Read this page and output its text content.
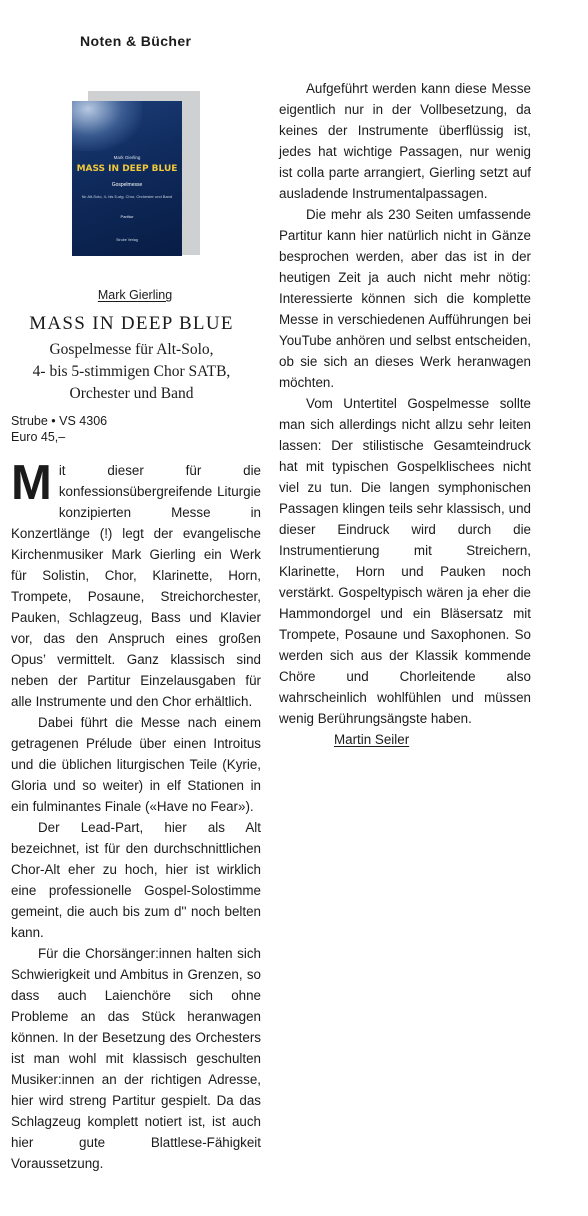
Noten & Bücher
Mark Gierling
MASS IN DEEP BLUE
Gospelmesse
für Alt-Solo, 4- bis 5-stg. Chor, Orchester und Band
Partitur
Strube Verlag
Mark Gierling
MASS IN DEEP BLUE
Gospelmesse für Alt-Solo,
4- bis 5-stimmigen Chor SATB,
Orchester und Band
Strube • VS 4306
Euro 45,–

Mit dieser für die konfessionsübergreifende Liturgie konzipierten Messe in Konzertlänge (!) legt der evangelische Kirchenmusiker Mark Gierling ein Werk für Solistin, Chor, Klarinette, Horn, Trompete, Posaune, Streichorchester, Pauken, Schlagzeug, Bass und Klavier vor, das den Anspruch eines großen Opus’ vermittelt. Ganz klassisch sind neben der Partitur Einzelausgaben für alle Instrumente und den Chor erhältlich.

Dabei führt die Messe nach einem getragenen Prélude über einen Introitus und die üblichen liturgischen Teile (Kyrie, Gloria und so weiter) in elf Stationen in ein fulminantes Finale («Have no Fear»).

Der Lead-Part, hier als Alt bezeichnet, ist für den durchschnittlichen Chor-Alt eher zu hoch, hier ist wirklich eine professionelle Gospel-Solostimme gemeint, die auch bis zum d'' noch belten kann.

Für die Chorsänger:innen halten sich Schwierigkeit und Ambitus in Grenzen, so dass auch Laienchöre sich ohne Probleme an das Stück heranwagen können. In der Besetzung des Orchesters ist man wohl mit klassisch geschulten Musiker:innen an der richtigen Adresse, hier wird streng Partitur gespielt. Da das Schlagzeug komplett notiert ist, ist auch hier gute Blattlese-Fähigkeit Voraussetzung.

Aufgeführt werden kann diese Messe eigentlich nur in der Vollbesetzung, da keines der Instrumente überflüssig ist, jedes hat wichtige Passagen, nur wenig ist colla parte arrangiert, Gierling setzt auf ausladende Instrumentalpassagen.

Die mehr als 230 Seiten umfassende Partitur kann hier natürlich nicht in Gänze besprochen werden, aber das ist in der heutigen Zeit ja auch nicht mehr nötig: Interessierte können sich die komplette Messe in verschiedenen Aufführungen bei YouTube anhören und selbst entscheiden, ob sie sich an dieses Werk heranwagen möchten.

Vom Untertitel Gospelmesse sollte man sich allerdings nicht allzu sehr leiten lassen: Der stilistische Gesamteindruck hat mit typischen Gospelklischees nicht viel zu tun. Die langen symphonischen Passagen klingen teils sehr klassisch, und dieser Eindruck wird durch die Instrumentierung mit Streichern, Klarinette, Horn und Pauken noch verstärkt. Gospeltypisch wären ja eher die Hammondorgel und ein Bläsersatz mit Trompete, Posaune und Saxophonen. So werden sich aus der Klassik kommende Chöre und Chorleitende also wahrscheinlich wohlfühlen und müssen wenig Berührungsängste haben.

Martin Seiler
